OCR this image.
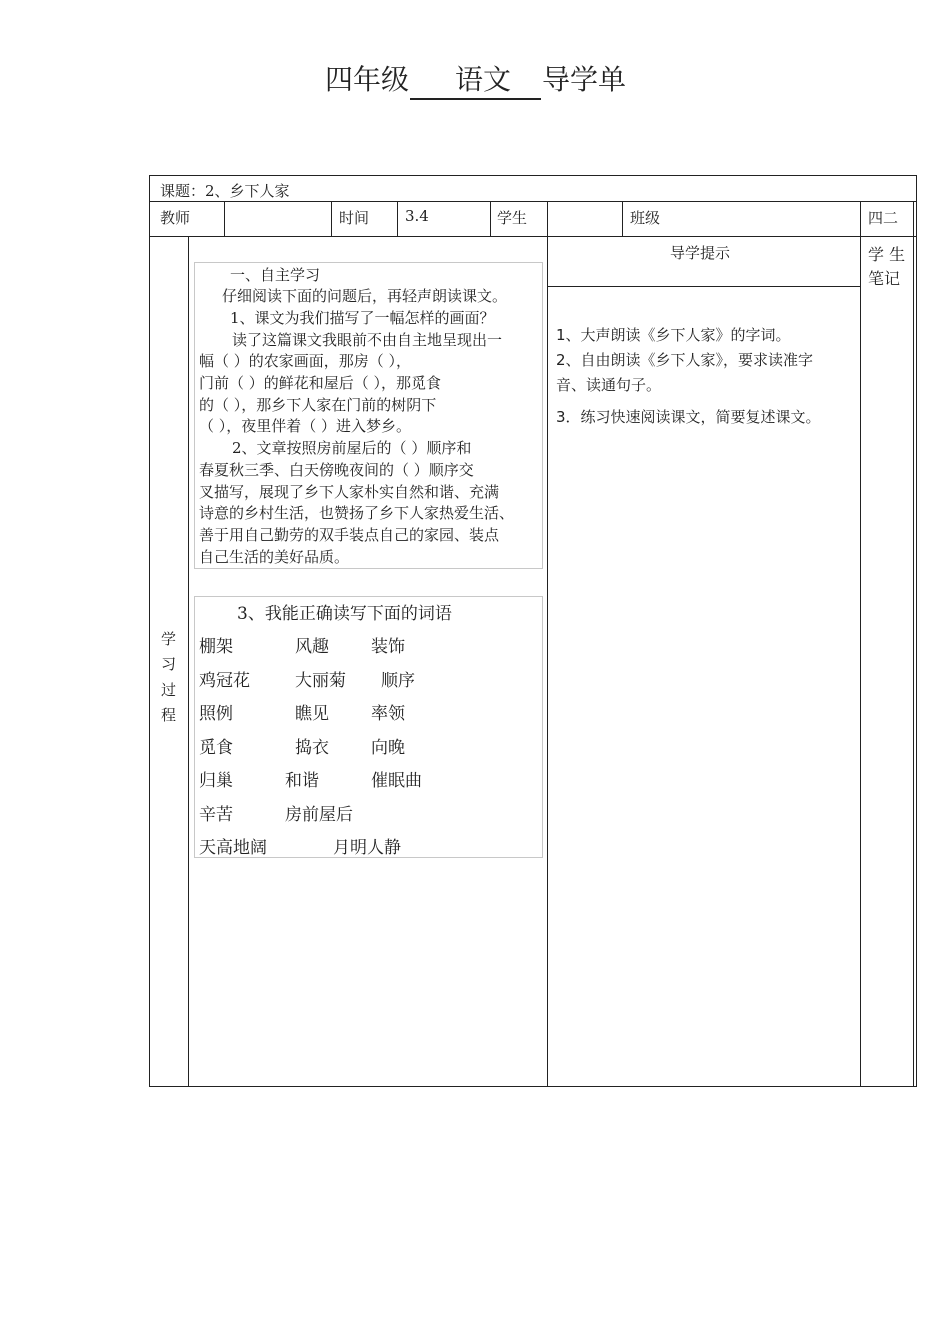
四年级 语文 导学单
课题：2、乡下人家
教师	时间 3.4	学生	班级	四二
学
习
过
程
导学提示	学 生
笔记
一、自主学习
仔细阅读下面的问题后，再轻声朗读课文。
1、课文为我们描写了一幅怎样的画面？
读了这篇课文我眼前不由自主地呈现出一
幅（ ）的农家画面，那房（ ），
门前（ ）的鲜花和屋后（ ），那觅食
的（ ），那乡下人家在门前的树阴下
（ ），夜里伴着（ ）进入梦乡。
2、文章按照房前屋后的（ ）顺序和
春夏秋三季、白天傍晚夜间的（ ）顺序交
叉描写，展现了乡下人家朴实自然和谐、充满
诗意的乡村生活，也赞扬了乡下人家热爱生活、
善于用自己勤劳的双手装点自己的家园、装点
自己生活的美好品质。
3、我能正确读写下面的词语
棚架	风趣 装饰
鸡冠花	大丽菊 顺序
照例	瞧见 率领
觅食	捣衣 向晚
归巢	和谐	催眠曲
辛苦	房前屋后
天高地阔	月明人静
1、大声朗读《乡下人家》的字词。
2、自由朗读《乡下人家》，要求读准字
音、读通句子。
3．练习快速阅读课文，简要复述课文。
